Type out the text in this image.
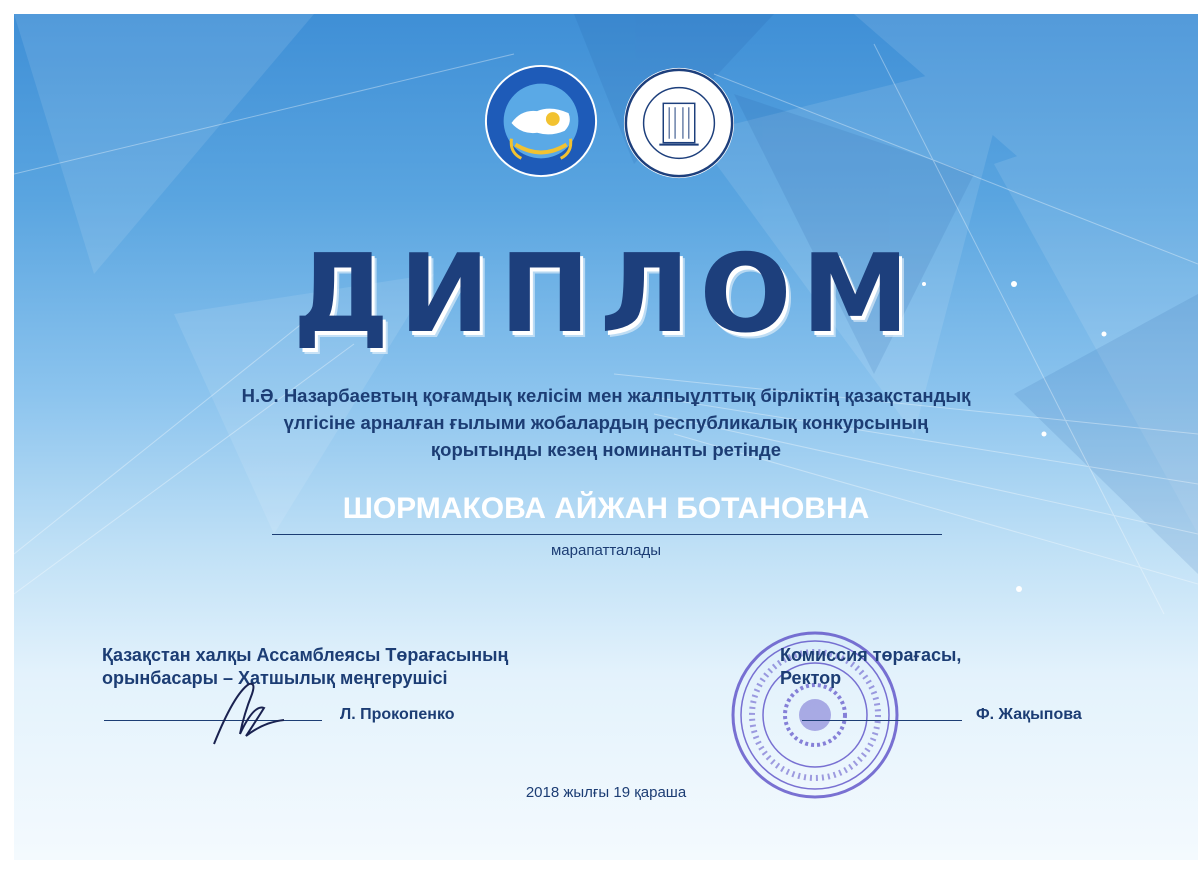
ДИПЛОМ
Н.Ә. Назарбаевтың қоғамдық келісім мен жалпыұлттық бірліктің қазақстандық
үлгісіне арналған ғылыми жобалардың республикалық конкурсының
қорытынды кезең номинанты ретінде
ШОРМАКОВА АЙЖАН БОТАНОВНА
марапатталады
Қазақстан халқы Ассамблеясы Төрағасының
орынбасары – Хатшылық меңгерушісі
Л. Прокопенко
Комиссия төрағасы,
Ректор
Ф. Жақыпова
2018 жылғы 19 қараша
